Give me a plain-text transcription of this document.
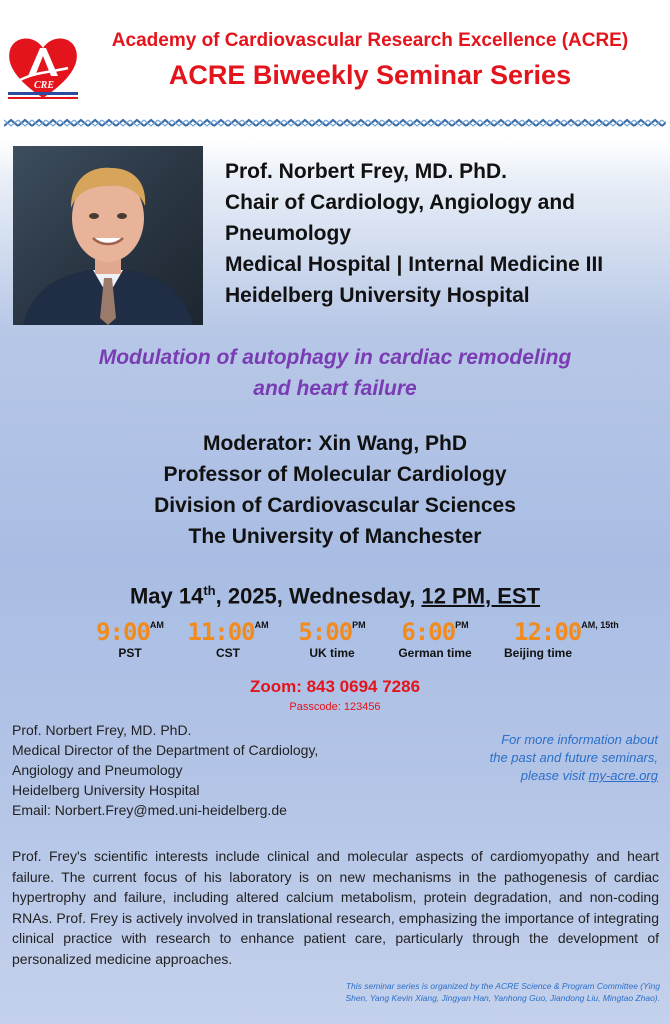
CRE
Academy of Cardiovascular Research Excellence (ACRE)
ACRE Biweekly Seminar Series
Prof. Norbert Frey, MD. PhD.
Chair of Cardiology, Angiology and
Pneumology
Medical Hospital | Internal Medicine III
Heidelberg University Hospital
Modulation of autophagy in cardiac remodeling
and heart failure
Moderator: Xin Wang, PhD
Professor of Molecular Cardiology
Division of Cardiovascular Sciences
The University of Manchester
May 14th, 2025, Wednesday, 12 PM, EST
$9:00^{AM}$
PST
$11:00^{AM}$
CST
$5:00^{PM}$
UK time
$6:00^{PM}$
German time
$12:00^{AM, 15th}$
Beijing time
Zoom: 843 0694 7286
Passcode: 123456
Prof. Norbert Frey, MD. PhD.
Medical Director of the Department of Cardiology,
Angiology and Pneumology
Heidelberg University Hospital
Email: Norbert.Frey@med.uni-heidelberg.de
For more information about
the past and future seminars,
please visit my-acre.org
Prof. Frey's scientific interests include clinical and molecular aspects of cardiomyopathy and heart failure. The current focus of his laboratory is on new mechanisms in the pathogenesis of cardiac hypertrophy and failure, including altered calcium metabolism, protein degradation, and non-coding RNAs. Prof. Frey is actively involved in translational research, emphasizing the importance of integrating clinical practice with research to enhance patient care, particularly through the development of personalized medicine approaches.
This seminar series is organized by the ACRE Science & Program Committee (Ying
Shen, Yang Kevin Xiang, Jingyan Han, Yanhong Guo, Jiandong Liu, Mingtao Zhao).
